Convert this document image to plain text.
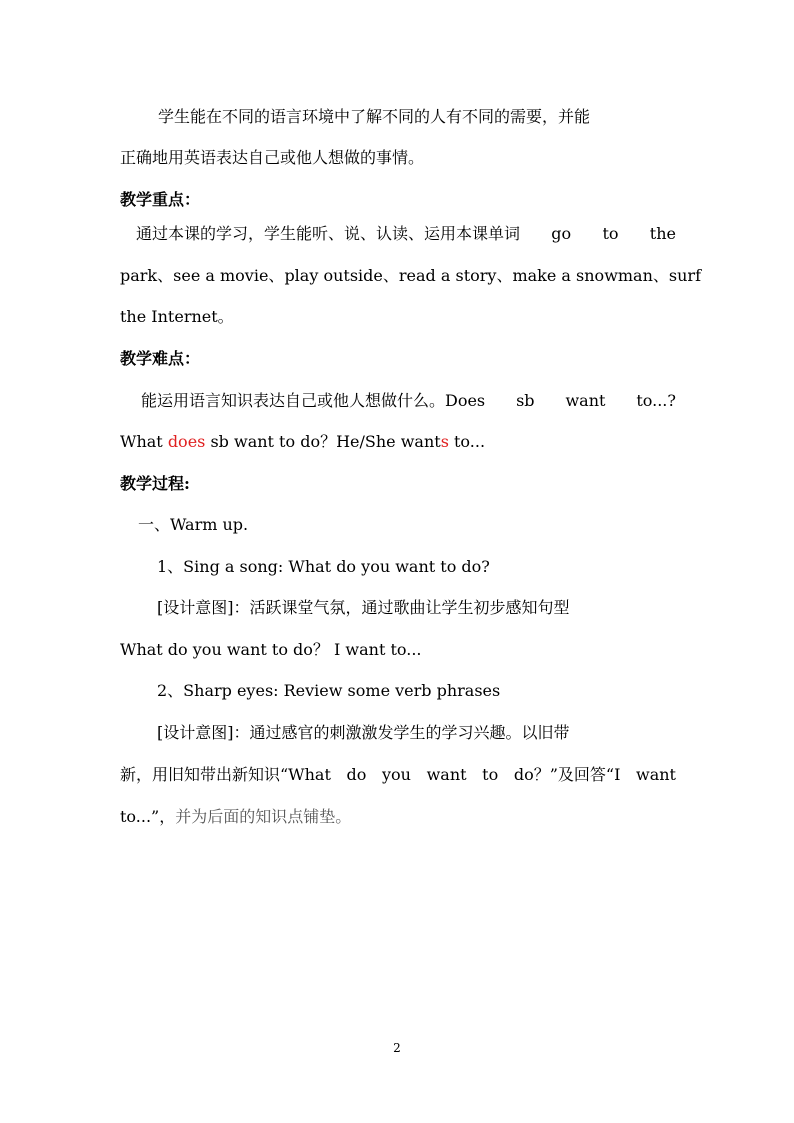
学生能在不同的语言环境中了解不同的人有不同的需要，并能
正确地用英语表达自己或他人想做的事情。
教学重点：
通过本课的学习，学生能听、说、认读、运用本课单词 go to the
park、 see a movie、 play outside、 read a story、 make a snowman、 surf
the Internet。
教学难点：
能运用语言知识表达自己或他人想做什么。Does sb want to...?
What does sb want to do？He/She wants to...
教学过程:
一、Warm up.
1、Sing a song: What do you want to do?
[设计意图]：活跃课堂气氛，通过歌曲让学生初步感知句型
What do you want to do？ I want to...
2、Sharp eyes: Review some verb phrases
[设计意图]：通过感官的刺激激发学生的学习兴趣。以旧带
新，用旧知带出新知识“What do you want to do？”及回答“I want
to...”，并为后面的知识点铺垫。
2
